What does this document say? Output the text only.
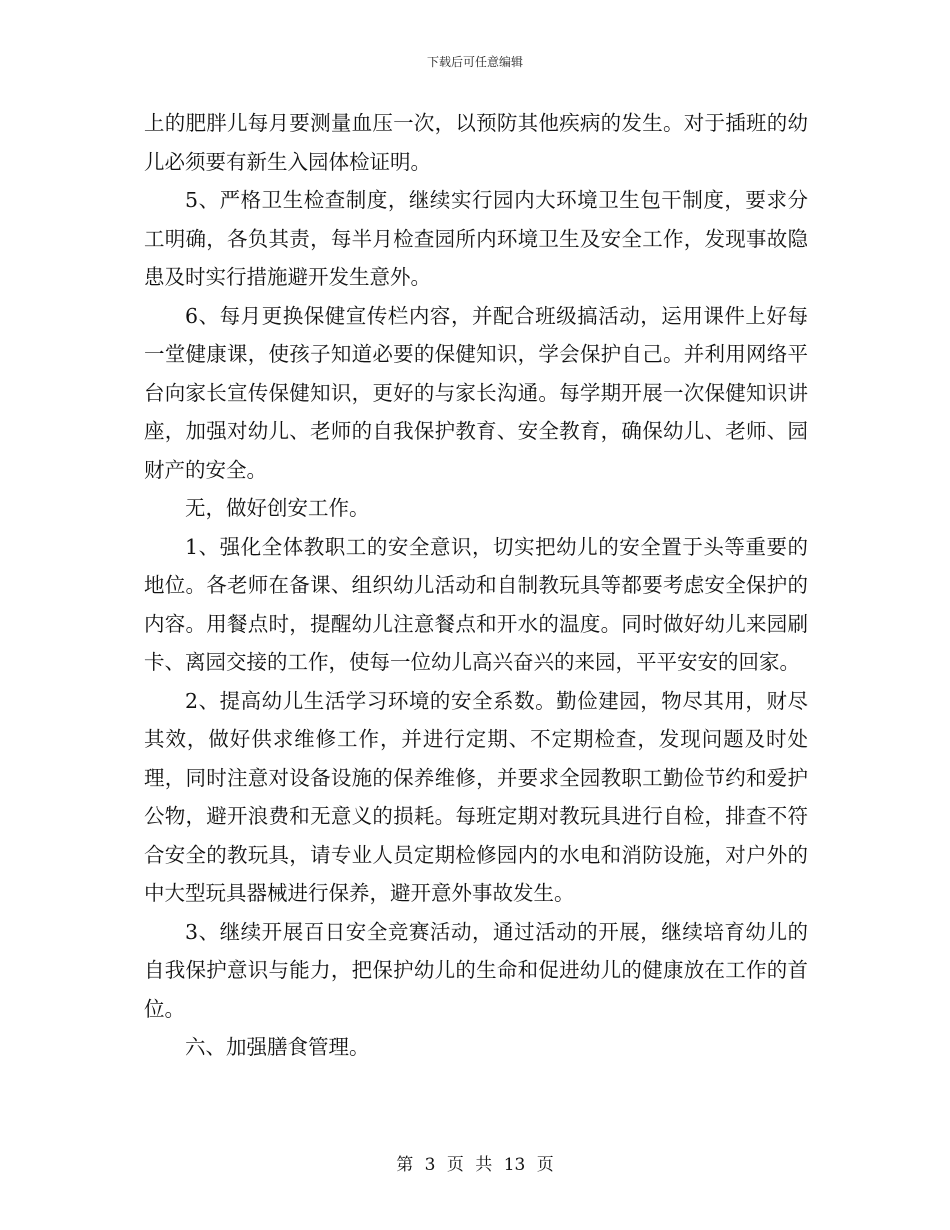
下载后可任意编辑

上的肥胖儿每月要测量血压一次，以预防其他疾病的发生。对于插班的幼儿必须要有新生入园体检证明。

5、严格卫生检查制度，继续实行园内大环境卫生包干制度，要求分工明确，各负其责，每半月检查园所内环境卫生及安全工作，发现事故隐患及时实行措施避开发生意外。

6、每月更换保健宣传栏内容，并配合班级搞活动，运用课件上好每一堂健康课，使孩子知道必要的保健知识，学会保护自己。并利用网络平台向家长宣传保健知识，更好的与家长沟通。每学期开展一次保健知识讲座，加强对幼儿、老师的自我保护教育、安全教育，确保幼儿、老师、园财产的安全。

无，做好创安工作。

1、强化全体教职工的安全意识，切实把幼儿的安全置于头等重要的地位。各老师在备课、组织幼儿活动和自制教玩具等都要考虑安全保护的内容。用餐点时，提醒幼儿注意餐点和开水的温度。同时做好幼儿来园刷卡、离园交接的工作，使每一位幼儿高兴奋兴的来园，平平安安的回家。

2、提高幼儿生活学习环境的安全系数。勤俭建园，物尽其用，财尽其效，做好供求维修工作，并进行定期、不定期检查，发现问题及时处理，同时注意对设备设施的保养维修，并要求全园教职工勤俭节约和爱护公物，避开浪费和无意义的损耗。每班定期对教玩具进行自检，排查不符合安全的教玩具，请专业人员定期检修园内的水电和消防设施，对户外的中大型玩具器械进行保养，避开意外事故发生。

3、继续开展百日安全竞赛活动，通过活动的开展，继续培育幼儿的自我保护意识与能力，把保护幼儿的生命和促进幼儿的健康放在工作的首位。

六、加强膳食管理。

第 3 页 共 13 页
